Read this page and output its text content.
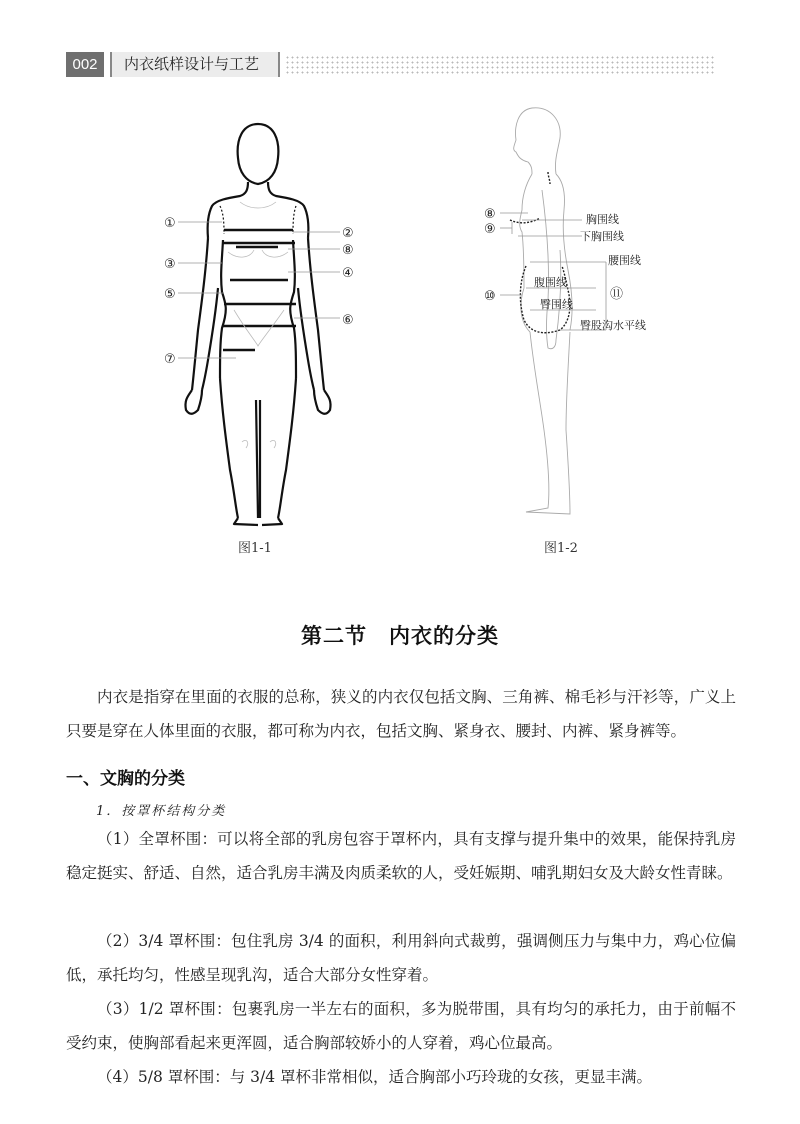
002	内衣纸样设计与工艺
①
②
⑧
③
④
⑤
⑥
⑦
图1-1
⑧
⑨
⑩	⑪
胸围线
下胸围线
腰围线
腹围线
臀围线
臀股沟水平线
图1-2
第二节　内衣的分类
内衣是指穿在里面的衣服的总称，狭义的内衣仅包括文胸、三角裤、棉毛衫与汗衫等，广义上只要是穿在人体里面的衣服，都可称为内衣，包括文胸、紧身衣、腰封、内裤、紧身裤等。
一、文胸的分类
1．按罩杯结构分类
（1）全罩杯围：可以将全部的乳房包容于罩杯内，具有支撑与提升集中的效果，能保持乳房稳定挺实、舒适、自然，适合乳房丰满及肉质柔软的人，受妊娠期、哺乳期妇女及大龄女性青睐。
（2）3/4 罩杯围：包住乳房 3/4 的面积，利用斜向式裁剪，强调侧压力与集中力，鸡心位偏低，承托均匀，性感呈现乳沟，适合大部分女性穿着。
（3）1/2 罩杯围：包裹乳房一半左右的面积，多为脱带围，具有均匀的承托力，由于前幅不受约束，使胸部看起来更浑圆，适合胸部较娇小的人穿着，鸡心位最高。
（4）5/8 罩杯围：与 3/4 罩杯非常相似，适合胸部小巧玲珑的女孩，更显丰满。
